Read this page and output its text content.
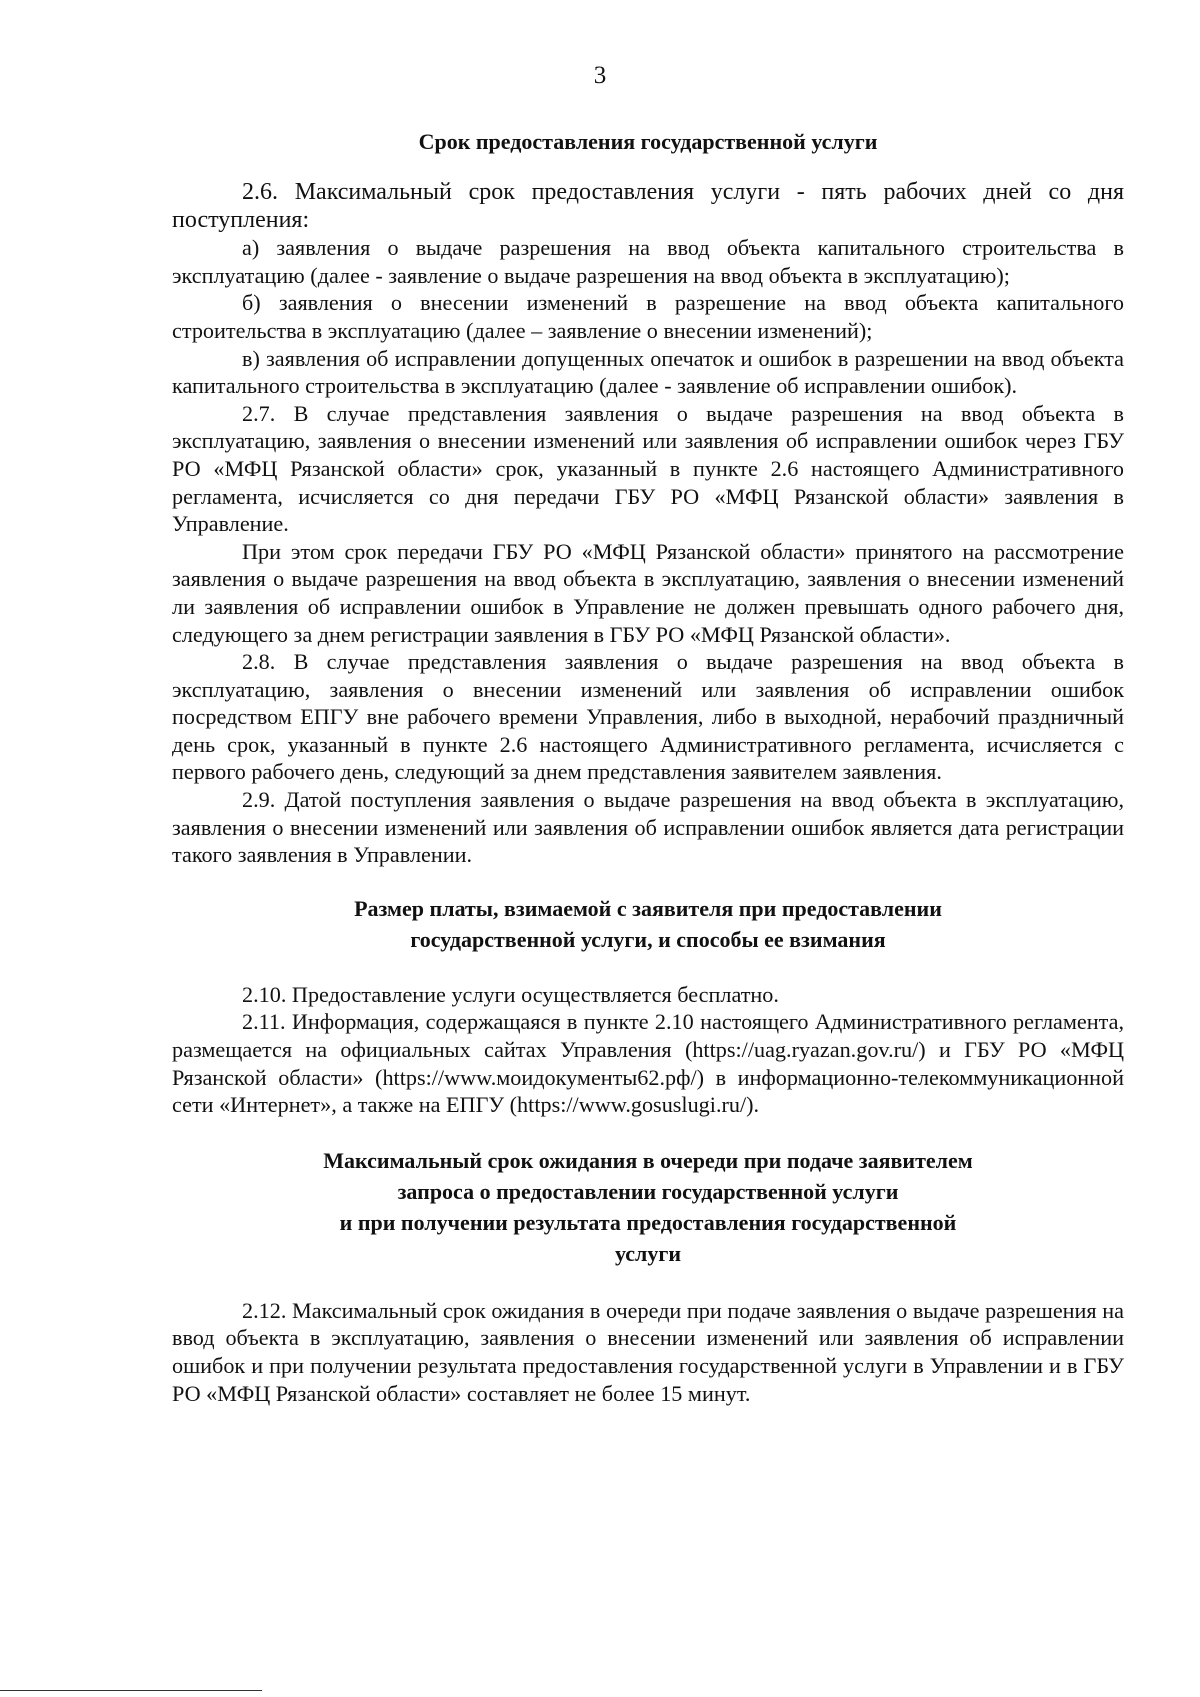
3
Срок предоставления государственной услуги

2.6. Максимальный срок предоставления услуги - пять рабочих дней со дня поступления:

а) заявления о выдаче разрешения на ввод объекта капитального строительства в эксплуатацию (далее - заявление о выдаче разрешения на ввод объекта в эксплуатацию);

б) заявления о внесении изменений в разрешение на ввод объекта капитального строительства в эксплуатацию (далее – заявление о внесении изменений);

в) заявления об исправлении допущенных опечаток и ошибок в разрешении на ввод объекта капитального строительства в эксплуатацию (далее - заявление об исправлении ошибок).

2.7. В случае представления заявления о выдаче разрешения на ввод объекта в эксплуатацию, заявления о внесении изменений или заявления об исправлении ошибок через ГБУ РО «МФЦ Рязанской области» срок, указанный в пункте 2.6 настоящего Административного регламента, исчисляется со дня передачи ГБУ РО «МФЦ Рязанской области» заявления в Управление.

При этом срок передачи ГБУ РО «МФЦ Рязанской области» принятого на рассмотрение заявления о выдаче разрешения на ввод объекта в эксплуатацию, заявления о внесении изменений ли заявления об исправлении ошибок в Управление не должен превышать одного рабочего дня, следующего за днем регистрации заявления в ГБУ РО «МФЦ Рязанской области».

2.8. В случае представления заявления о выдаче разрешения на ввод объекта в эксплуатацию, заявления о внесении изменений или заявления об исправлении ошибок посредством ЕПГУ вне рабочего времени Управления, либо в выходной, нерабочий праздничный день срок, указанный в пункте 2.6 настоящего Административного регламента, исчисляется с первого рабочего день, следующий за днем представления заявителем заявления.

2.9. Датой поступления заявления о выдаче разрешения на ввод объекта в эксплуатацию, заявления о внесении изменений или заявления об исправлении ошибок является дата регистрации такого заявления в Управлении.

Размер платы, взимаемой с заявителя при предоставлении
государственной услуги, и способы ее взимания

2.10. Предоставление услуги осуществляется бесплатно.

2.11. Информация, содержащаяся в пункте 2.10 настоящего Административного регламента, размещается на официальных сайтах Управления (https://uag.ryazan.gov.ru/) и ГБУ РО «МФЦ Рязанской области» (https://www.моидокументы62.рф/) в информационно-телекоммуникационной сети «Интернет», а также на ЕПГУ (https://www.gosuslugi.ru/).

Максимальный срок ожидания в очереди при подаче заявителем
запроса о предоставлении государственной услуги
и при получении результата предоставления государственной
услуги

2.12. Максимальный срок ожидания в очереди при подаче заявления о выдаче разрешения на ввод объекта в эксплуатацию, заявления о внесении изменений или заявления об исправлении ошибок и при получении результата предоставления государственной услуги в Управлении и в ГБУ РО «МФЦ Рязанской области» составляет не более 15 минут.
